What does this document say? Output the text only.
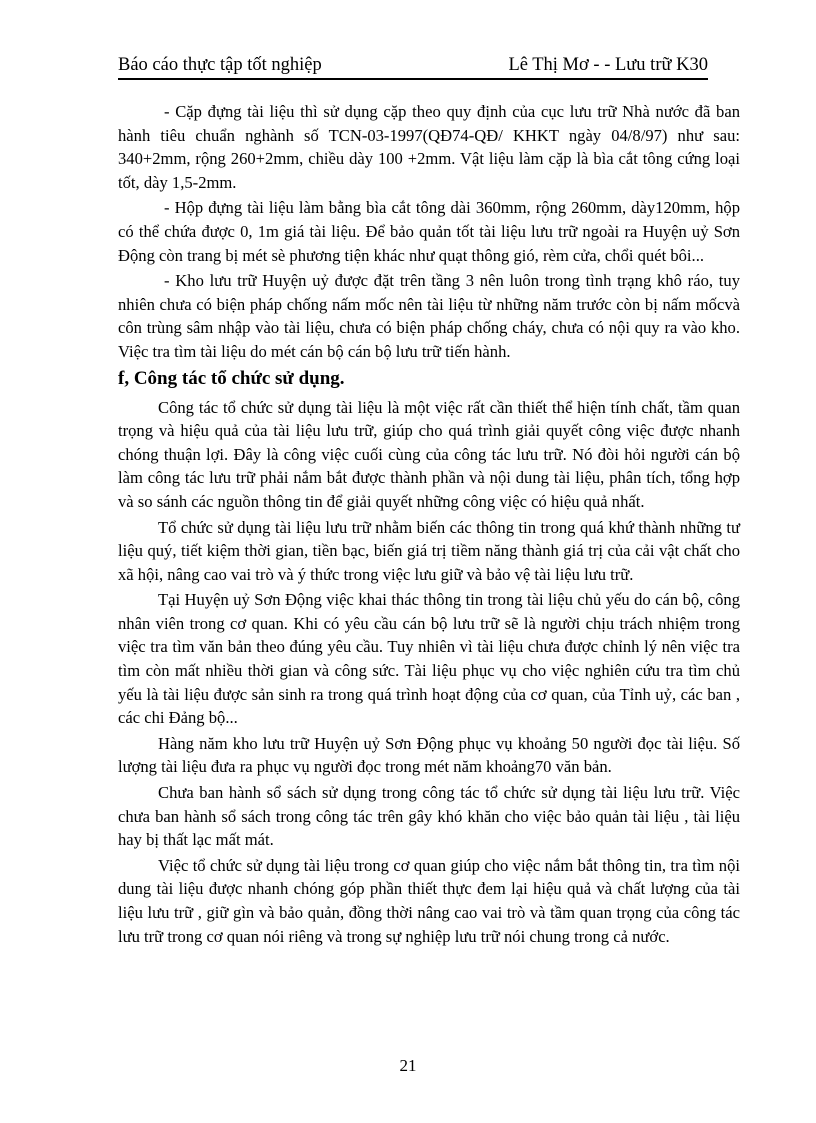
Báo cáo thực tập tốt nghiệp	Lê Thị Mơ - - Lưu trữ K30

- Cặp đựng tài liệu thì sử dụng cặp theo quy định của cục lưu trữ Nhà nước đã ban hành tiêu chuẩn nghành số TCN-03-1997(QĐ74-QĐ/ KHKT ngày 04/8/97) như sau: 340+2mm, rộng 260+2mm, chiều dày 100 +2mm. Vật liệu làm cặp là bìa cắt tông cứng loại tốt, dày 1,5-2mm.

- Hộp đựng tài liệu làm bằng bìa cắt tông dài 360mm, rộng 260mm, dày120mm, hộp có thể chứa được 0, 1m giá tài liệu. Để bảo quản tốt tài liệu lưu trữ ngoài ra Huyện uỷ Sơn Động còn trang bị mét sè phương tiện khác như quạt thông gió, rèm cửa, chổi quét bôi...

- Kho lưu trữ Huyện uỷ được đặt trên tầng 3 nên luôn trong tình trạng khô ráo, tuy nhiên chưa có biện pháp chống nấm mốc nên tài liệu từ những năm trước còn bị nấm mốcvà côn trùng sâm nhập vào tài liệu, chưa có biện pháp chống cháy, chưa có nội quy ra vào kho. Việc tra tìm tài liệu do mét cán bộ cán bộ lưu trữ tiến hành.

f, Công tác tổ chức sử dụng.

Công tác tổ chức sử dụng tài liệu là một việc rất cần thiết thể hiện tính chất, tầm quan trọng và hiệu quả của tài liệu lưu trữ, giúp cho quá trình giải quyết công việc được nhanh chóng thuận lợi. Đây là công việc cuối cùng của công tác lưu trữ. Nó đòi hỏi người cán bộ làm công tác lưu trữ phải nắm bắt được thành phần và nội dung tài liệu, phân tích, tổng hợp và so sánh các nguồn thông tin để giải quyết những công việc có hiệu quả nhất.

Tổ chức sử dụng tài liệu lưu trữ nhằm biến các thông tin trong quá khứ thành những tư liệu quý, tiết kiệm thời gian, tiền bạc, biến giá trị tiềm năng thành giá trị của cải vật chất cho xã hội, nâng cao vai trò và ý thức trong việc lưu giữ và bảo vệ tài liệu lưu trữ.

Tại Huyện uỷ Sơn Động việc khai thác thông tin trong tài liệu chủ yếu do cán bộ, công nhân viên trong cơ quan. Khi có yêu cầu cán bộ lưu trữ sẽ là người chịu trách nhiệm trong việc tra tìm văn bản theo đúng yêu cầu. Tuy nhiên vì tài liệu chưa được chỉnh lý nên việc tra tìm còn mất nhiều thời gian và công sức. Tài liệu phục vụ cho việc nghiên cứu tra tìm chủ yếu là tài liệu được sản sinh ra trong quá trình hoạt động của cơ quan, của Tỉnh uỷ, các ban , các chi Đảng bộ...

Hàng năm kho lưu trữ Huyện uỷ Sơn Động phục vụ khoảng 50 người đọc tài liệu. Số lượng tài liệu đưa ra phục vụ người đọc trong mét năm khoảng70 văn bản.

Chưa ban hành sổ sách sử dụng trong công tác tổ chức sử dụng tài liệu lưu trữ. Việc chưa ban hành sổ sách trong công tác trên gây khó khăn cho việc bảo quản tài liệu , tài liệu hay bị thất lạc mất mát.

Việc tổ chức sử dụng tài liệu trong cơ quan giúp cho việc nắm bắt thông tin, tra tìm nội dung tài liệu được nhanh chóng góp phần thiết thực đem lại hiệu quả và chất lượng của tài liệu lưu trữ , giữ gìn và bảo quản, đồng thời nâng cao vai trò và tầm quan trọng của công tác lưu trữ trong cơ quan nói riêng và trong sự nghiệp lưu trữ nói chung trong cả nước.

21
